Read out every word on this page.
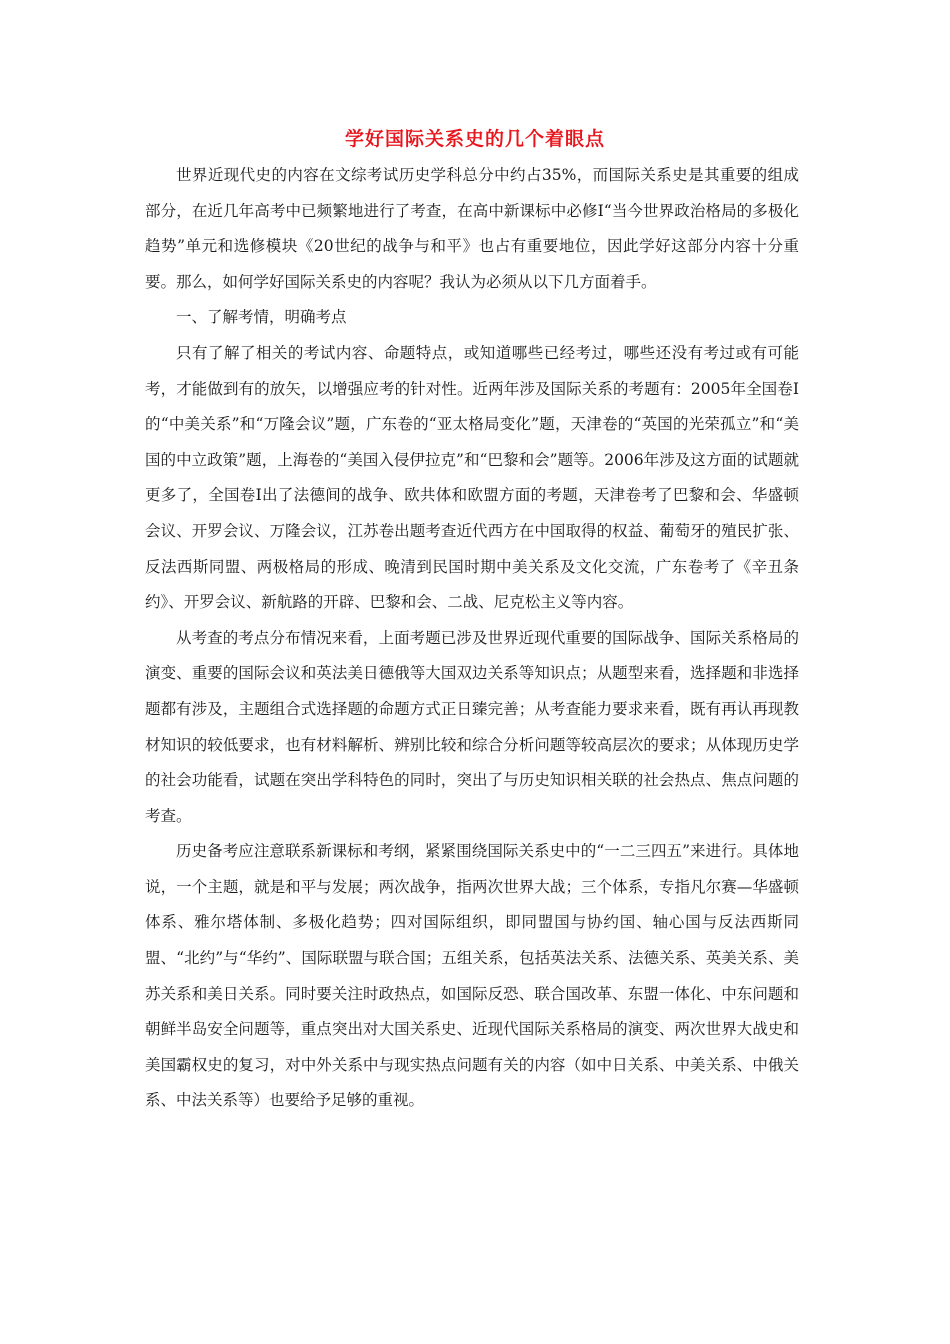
学好国际关系史的几个着眼点

世界近现代史的内容在文综考试历史学科总分中约占35%，而国际关系史是其重要的组成部分，在近几年高考中已频繁地进行了考查，在高中新课标中必修Ⅰ“当今世界政治格局的多极化趋势”单元和选修模块《20世纪的战争与和平》也占有重要地位，因此学好这部分内容十分重要。那么，如何学好国际关系史的内容呢？我认为必须从以下几方面着手。

一、了解考情，明确考点

只有了解了相关的考试内容、命题特点，或知道哪些已经考过，哪些还没有考过或有可能考，才能做到有的放矢，以增强应考的针对性。近两年涉及国际关系的考题有：2005年全国卷Ⅰ的“中美关系”和“万隆会议”题，广东卷的“亚太格局变化”题，天津卷的“英国的光荣孤立”和“美国的中立政策”题，上海卷的“美国入侵伊拉克”和“巴黎和会”题等。2006年涉及这方面的试题就更多了，全国卷Ⅰ出了法德间的战争、欧共体和欧盟方面的考题，天津卷考了巴黎和会、华盛顿会议、开罗会议、万隆会议，江苏卷出题考查近代西方在中国取得的权益、葡萄牙的殖民扩张、反法西斯同盟、两极格局的形成、晚清到民国时期中美关系及文化交流，广东卷考了《辛丑条约》、开罗会议、新航路的开辟、巴黎和会、二战、尼克松主义等内容。

从考查的考点分布情况来看，上面考题已涉及世界近现代重要的国际战争、国际关系格局的演变、重要的国际会议和英法美日德俄等大国双边关系等知识点；从题型来看，选择题和非选择题都有涉及，主题组合式选择题的命题方式正日臻完善；从考查能力要求来看，既有再认再现教材知识的较低要求，也有材料解析、辨别比较和综合分析问题等较高层次的要求；从体现历史学的社会功能看，试题在突出学科特色的同时，突出了与历史知识相关联的社会热点、焦点问题的考查。

历史备考应注意联系新课标和考纲，紧紧围绕国际关系史中的“一二三四五”来进行。具体地说，一个主题，就是和平与发展；两次战争，指两次世界大战；三个体系，专指凡尔赛—华盛顿体系、雅尔塔体制、多极化趋势；四对国际组织，即同盟国与协约国、轴心国与反法西斯同盟、“北约”与“华约”、国际联盟与联合国；五组关系，包括英法关系、法德关系、英美关系、美苏关系和美日关系。同时要关注时政热点，如国际反恐、联合国改革、东盟一体化、中东问题和朝鲜半岛安全问题等，重点突出对大国关系史、近现代国际关系格局的演变、两次世界大战史和美国霸权史的复习，对中外关系中与现实热点问题有关的内容（如中日关系、中美关系、中俄关系、中法关系等）也要给予足够的重视。
